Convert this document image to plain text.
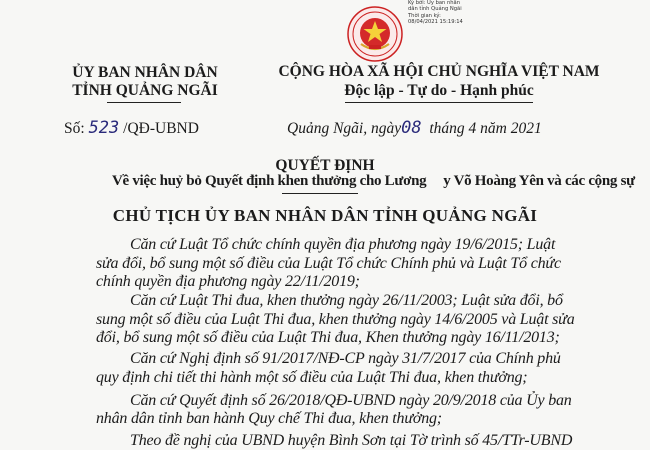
Ký bởi: Ủy ban nhân
dân tỉnh Quảng Ngãi
Thời gian ký:
08/04/2021 15:19:14
ỦY BAN NHÂN DÂN
TỈNH QUẢNG NGÃI
CỘNG HÒA XÃ HỘI CHỦ NGHĨA VIỆT NAM
Độc lập - Tự do - Hạnh phúc
Số: 523 /QĐ-UBND	Quảng Ngãi, ngày08 tháng 4 năm 2021
QUYẾT ĐỊNH
Về việc huỷ bỏ Quyết định khen thưởng cho Lương y Võ Hoàng Yên và các cộng sự
CHỦ TỊCH ỦY BAN NHÂN DÂN TỈNH QUẢNG NGÃI
Căn cứ Luật Tổ chức chính quyền địa phương ngày 19/6/2015; Luật
sửa đổi, bổ sung một số điều của Luật Tổ chức Chính phủ và Luật Tổ chức
chính quyền địa phương ngày 22/11/2019;
Căn cứ Luật Thi đua, khen thưởng ngày 26/11/2003; Luật sửa đổi, bổ
sung một số điều của Luật Thi đua, khen thưởng ngày 14/6/2005 và Luật sửa
đổi, bổ sung một số điều của Luật Thi đua, Khen thưởng ngày 16/11/2013;
Căn cứ Nghị định số 91/2017/NĐ-CP ngày 31/7/2017 của Chính phủ
quy định chi tiết thi hành một số điều của Luật Thi đua, khen thưởng;
Căn cứ Quyết định số 26/2018/QĐ-UBND ngày 20/9/2018 của Ủy ban
nhân dân tỉnh ban hành Quy chế Thi đua, khen thưởng;
Theo đề nghị của UBND huyện Bình Sơn tại Tờ trình số 45/TTr-UBND
